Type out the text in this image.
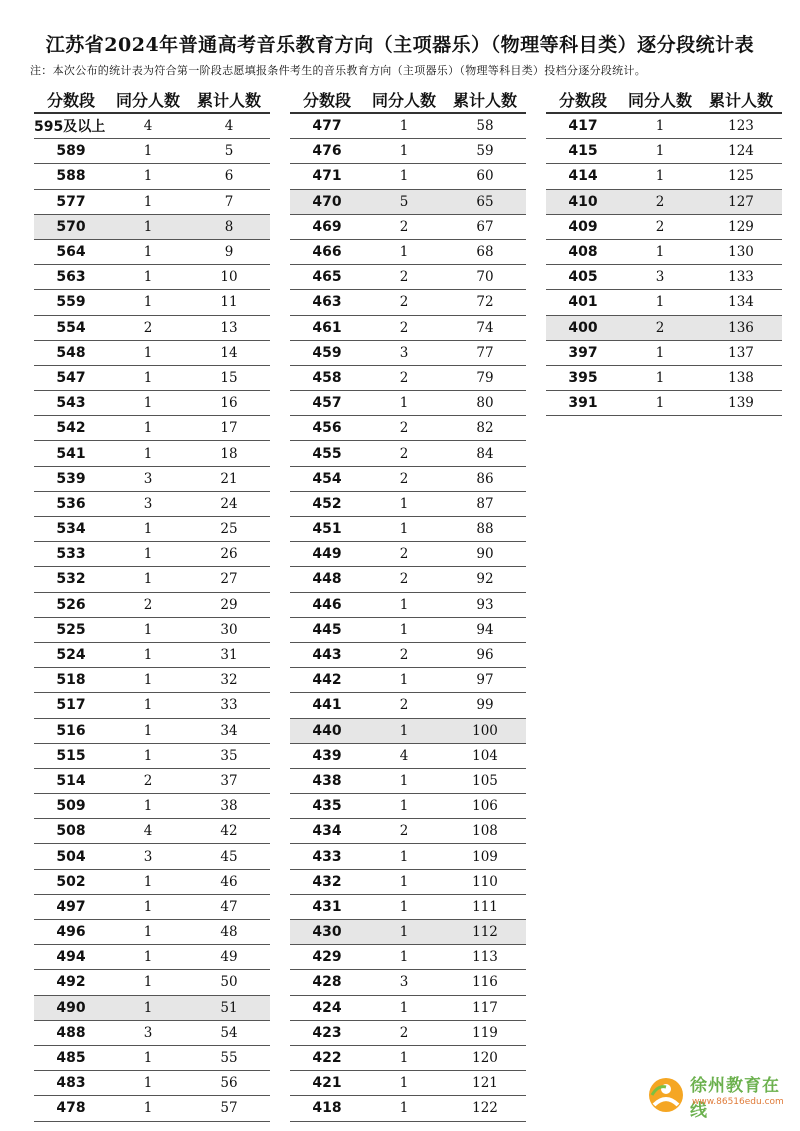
江苏省2024年普通高考音乐教育方向（主项器乐）（物理等科目类）逐分段统计表
注：本次公布的统计表为符合第一阶段志愿填报条件考生的音乐教育方向（主项器乐）（物理等科目类）投档分逐分段统计。
分数段	同分人数	累计人数
595及以上	4	4
589	1	5
588	1	6
577	1	7
570	1	8
564	1	9
563	1	10
559	1	11
554	2	13
548	1	14
547	1	15
543	1	16
542	1	17
541	1	18
539	3	21
536	3	24
534	1	25
533	1	26
532	1	27
526	2	29
525	1	30
524	1	31
518	1	32
517	1	33
516	1	34
515	1	35
514	2	37
509	1	38
508	4	42
504	3	45
502	1	46
497	1	47
496	1	48
494	1	49
492	1	50
490	1	51
488	3	54
485	1	55
483	1	56
478	1	57
分数段	同分人数	累计人数
477	1	58
476	1	59
471	1	60
470	5	65
469	2	67
466	1	68
465	2	70
463	2	72
461	2	74
459	3	77
458	2	79
457	1	80
456	2	82
455	2	84
454	2	86
452	1	87
451	1	88
449	2	90
448	2	92
446	1	93
445	1	94
443	2	96
442	1	97
441	2	99
440	1	100
439	4	104
438	1	105
435	1	106
434	2	108
433	1	109
432	1	110
431	1	111
430	1	112
429	1	113
428	3	116
424	1	117
423	2	119
422	1	120
421	1	121
418	1	122
分数段	同分人数	累计人数
417	1	123
415	1	124
414	1	125
410	2	127
409	2	129
408	1	130
405	3	133
401	1	134
400	2	136
397	1	137
395	1	138
391	1	139
徐州教育在线
www.86516edu.com
